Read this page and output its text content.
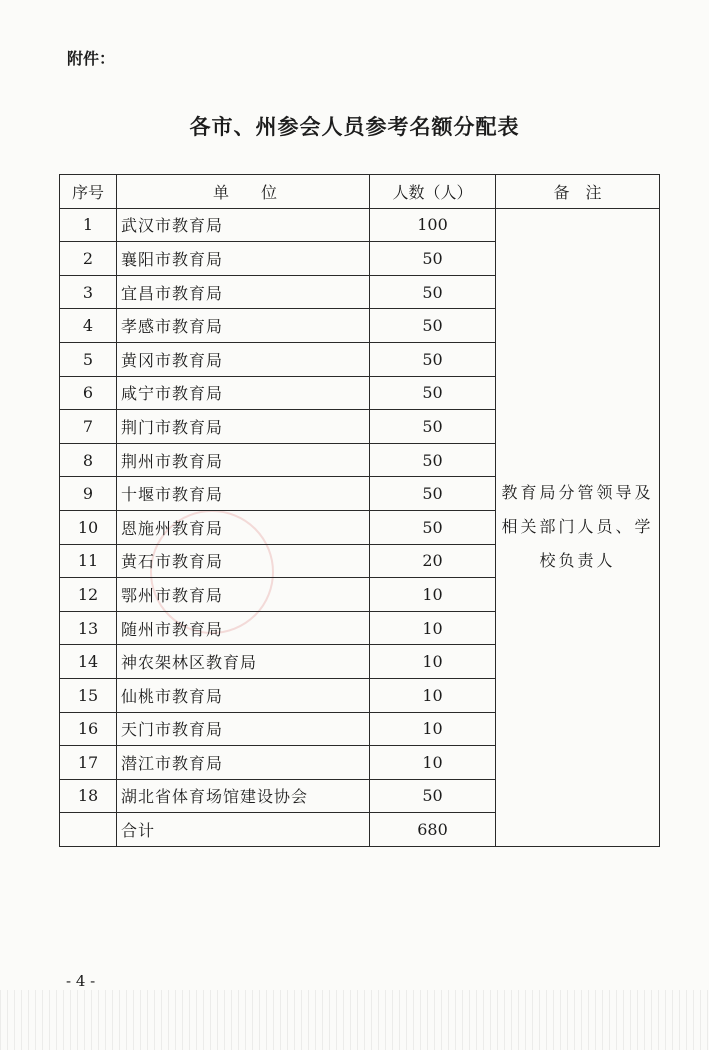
附件：
各市、州参会人员参考名额分配表
序号	单　　位	人数（人）	备　注
1	武汉市教育局	100	教育局分管领导及相关部门人员、学校负责人
2	襄阳市教育局	50	
3	宜昌市教育局	50	
4	孝感市教育局	50	
5	黄冈市教育局	50	
6	咸宁市教育局	50	
7	荆门市教育局	50	
8	荆州市教育局	50	
9	十堰市教育局	50	
10	恩施州教育局	50	
11	黄石市教育局	20	
12	鄂州市教育局	10	
13	随州市教育局	10	
14	神农架林区教育局	10	
15	仙桃市教育局	10	
16	天门市教育局	10	
17	潜江市教育局	10	
18	湖北省体育场馆建设协会	50	
	合计	680	
- 4 -
